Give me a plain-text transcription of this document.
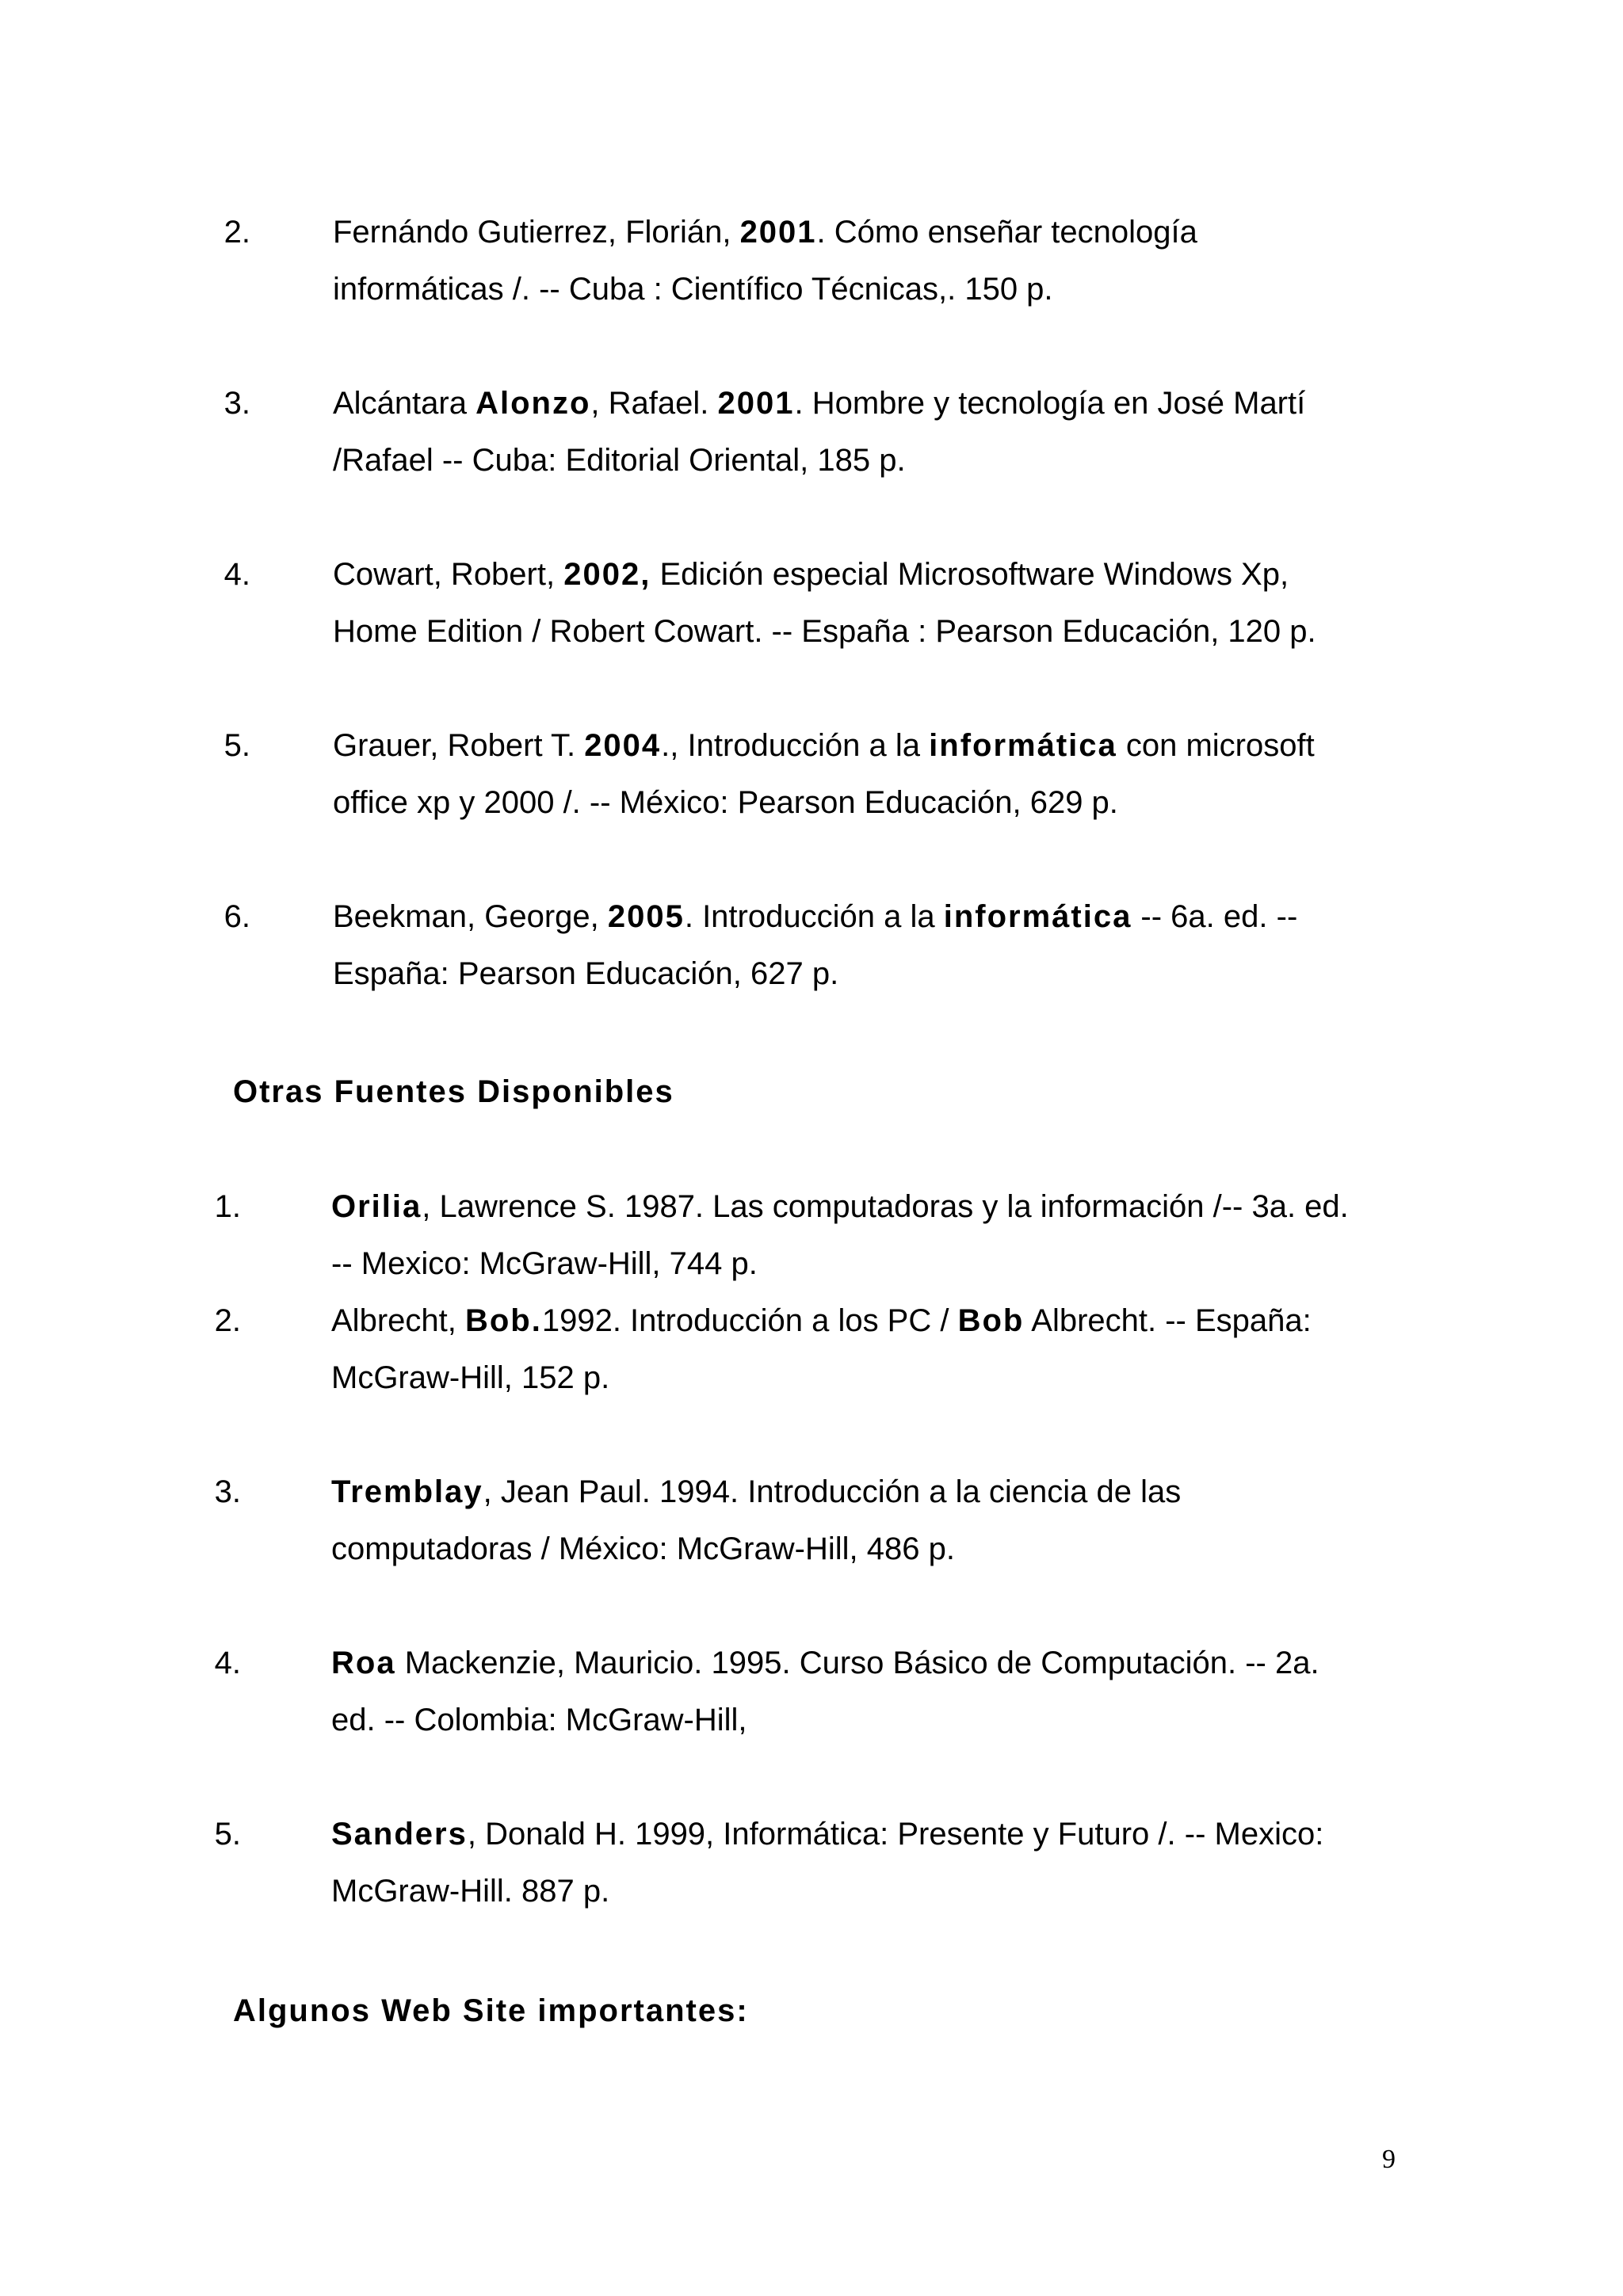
2.	Fernándo Gutierrez, Florián, 2001. Cómo enseñar tecnología
informáticas /. -- Cuba : Científico Técnicas,. 150 p.
3.	Alcántara Alonzo, Rafael. 2001. Hombre y tecnología en José Martí
/Rafael -- Cuba: Editorial Oriental, 185 p.
4.	Cowart, Robert, 2002, Edición especial Microsoftware Windows Xp,
Home Edition / Robert Cowart. -- España : Pearson Educación, 120 p.
5.	Grauer, Robert T. 2004., Introducción a la informática con microsoft
office xp y 2000 /. -- México: Pearson Educación, 629 p.
6.	Beekman, George, 2005. Introducción a la informática -- 6a. ed. --
España: Pearson Educación, 627 p.
Otras Fuentes Disponibles
1.	Orilia, Lawrence S. 1987. Las computadoras y la información /-- 3a. ed.
-- Mexico: McGraw-Hill, 744 p.
2.	Albrecht, Bob.1992. Introducción a los PC / Bob Albrecht. -- España:
McGraw-Hill, 152 p.
3.	Tremblay, Jean Paul. 1994. Introducción a la ciencia de las
computadoras / México: McGraw-Hill, 486 p.
4.	Roa Mackenzie, Mauricio. 1995. Curso Básico de Computación. -- 2a.
ed. -- Colombia: McGraw-Hill,
5.	Sanders, Donald H. 1999, Informática: Presente y Futuro /. -- Mexico:
McGraw-Hill. 887 p.
Algunos Web Site importantes:
9
